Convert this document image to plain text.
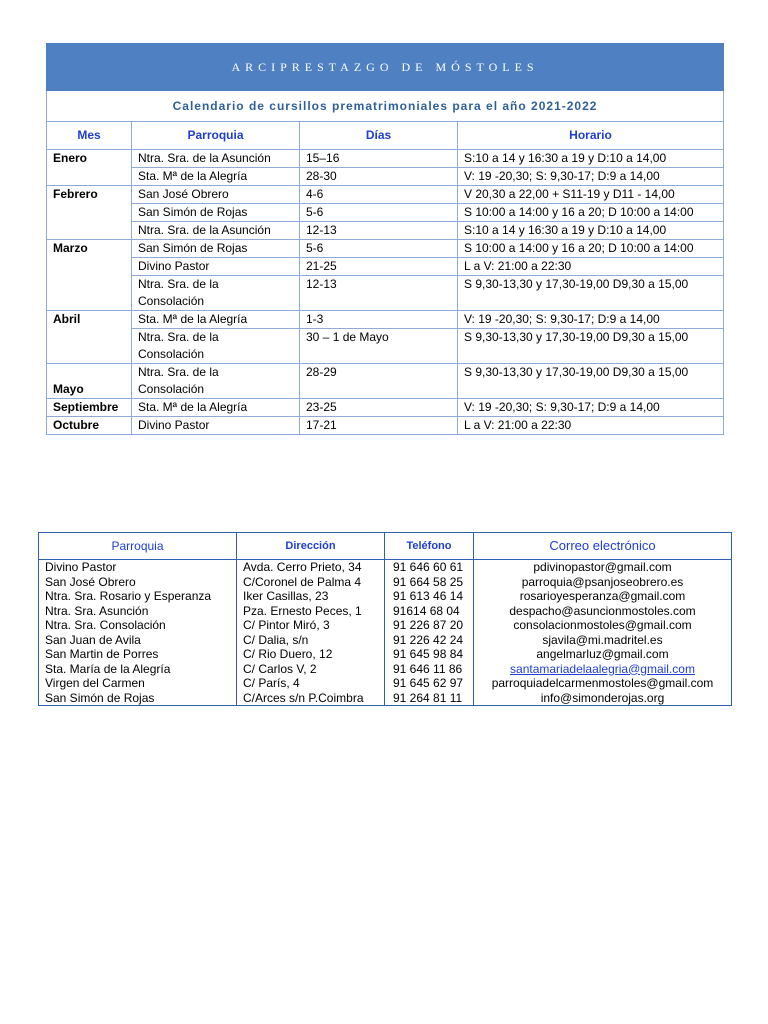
ARCIPRESTAZGO DE MÓSTOLES			
Calendario de cursillos prematrimoniales para el año 2021-2022			
Mes	Parroquia	Días	Horario
Enero	Ntra. Sra. de la Asunción	15–16	S:10 a 14 y 16:30 a 19 y D:10 a 14,00
	Sta. Mª de la Alegría	28-30	V: 19 -20,30; S: 9,30-17; D:9 a 14,00
Febrero	San José Obrero	4-6	V 20,30 a 22,00 + S11-19 y D11 - 14,00
	San Simón de Rojas	5-6	S 10:00 a 14:00 y 16 a 20; D 10:00 a 14:00
	Ntra. Sra. de la Asunción	12-13	S:10 a 14 y 16:30 a 19 y D:10 a 14,00
Marzo	San Simón de Rojas	5-6	S 10:00 a 14:00 y 16 a 20; D 10:00 a 14:00
	Divino Pastor	21-25	L a V: 21:00 a 22:30
	Ntra. Sra. de la Consolación	12-13	S 9,30-13,30 y 17,30-19,00 D9,30 a 15,00
Abril	Sta. Mª de la Alegría	1-3	V: 19 -20,30; S: 9,30-17; D:9 a 14,00
	Ntra. Sra. de la Consolación	30 – 1 de Mayo	S 9,30-13,30 y 17,30-19,00 D9,30 a 15,00
Mayo	Ntra. Sra. de la Consolación	28-29	S 9,30-13,30 y 17,30-19,00 D9,30 a 15,00
Septiembre	Sta. Mª de la Alegría	23-25	V: 19 -20,30; S: 9,30-17; D:9 a 14,00
Octubre	Divino Pastor	17-21	L a V: 21:00 a 22:30
Parroquia	Dirección	Teléfono	Correo electrónico
Divino Pastor	Avda. Cerro Prieto, 34	91 646 60 61	pdivinopastor@gmail.com
San José Obrero	C/Coronel de Palma 4	91 664 58 25	parroquia@psanjoseobrero.es
Ntra. Sra. Rosario y Esperanza	Iker Casillas, 23	91 613 46 14	rosarioyesperanza@gmail.com
Ntra. Sra. Asunción	Pza. Ernesto Peces, 1	91614 68 04	despacho@asuncionmostoles.com
Ntra. Sra. Consolación	C/ Pintor Miró, 3	91 226 87 20	consolacionmostoles@gmail.com
San Juan de Avila	C/ Dalia, s/n	91 226 42 24	sjavila@mi.madritel.es
San Martin de Porres	C/ Rio Duero, 12	91 645 98 84	angelmarluz@gmail.com
Sta. María de la Alegría	C/ Carlos V, 2	91 646 11 86	santamariadelaalegria@gmail.com
Virgen del Carmen	C/ París, 4	91 645 62 97	parroquiadelcarmenmostoles@gmail.com
San Simón de Rojas	C/Arces s/n P.Coimbra	91 264 81 11	info@simonderojas.org
